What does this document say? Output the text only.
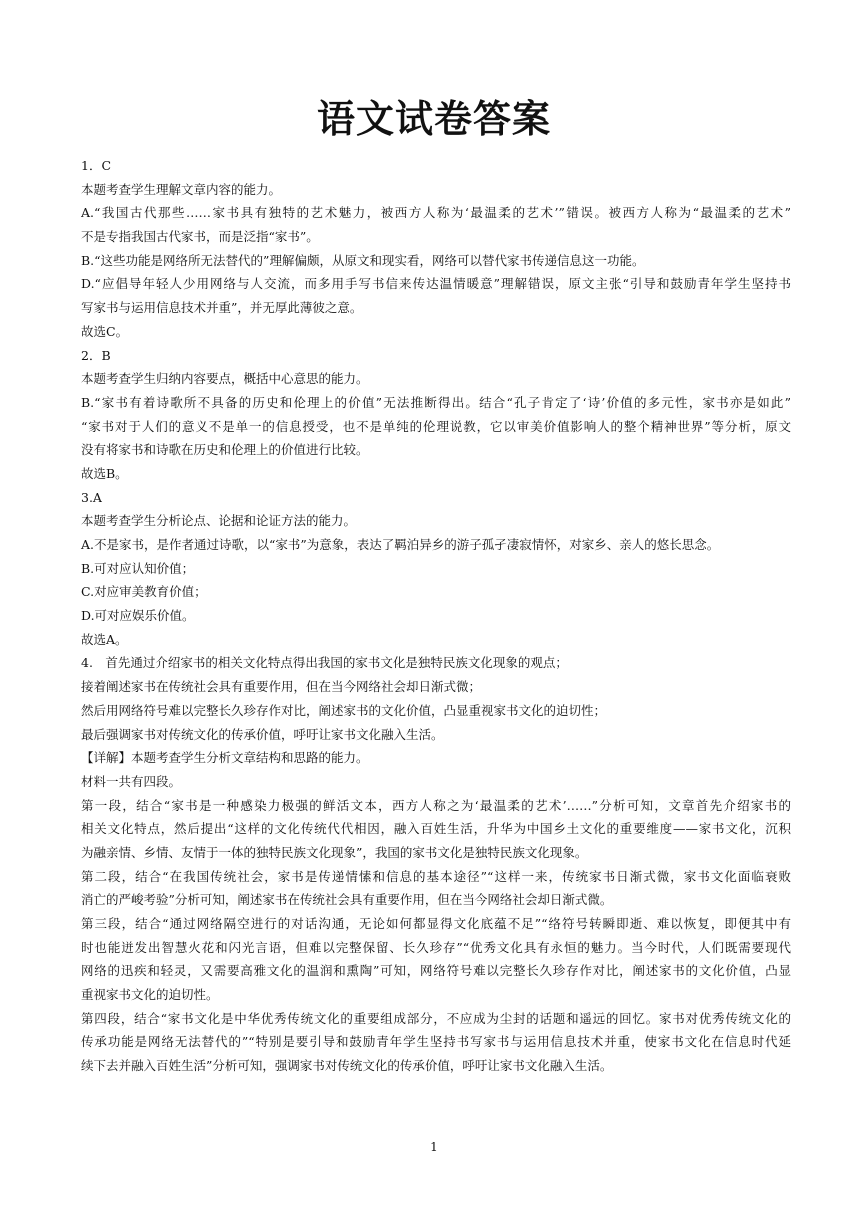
语文试卷答案
1．C
本题考查学生理解文章内容的能力。
A.“我国古代那些……家书具有独特的艺术魅力，被西方人称为‘最温柔的艺术’”错误。被西方人称为“最温柔的艺术”
不是专指我国古代家书，而是泛指“家书”。
B.“这些功能是网络所无法替代的”理解偏颇，从原文和现实看，网络可以替代家书传递信息这一功能。
D.“应倡导年轻人少用网络与人交流，而多用手写书信来传达温情暖意”理解错误，原文主张“引导和鼓励青年学生坚持书
写家书与运用信息技术并重”，并无厚此薄彼之意。
故选C。
2．B
本题考查学生归纳内容要点，概括中心意思的能力。
B.“家书有着诗歌所不具备的历史和伦理上的价值”无法推断得出。结合“孔子肯定了‘诗’价值的多元性，家书亦是如此”
“家书对于人们的意义不是单一的信息授受，也不是单纯的伦理说教，它以审美价值影响人的整个精神世界”等分析，原文
没有将家书和诗歌在历史和伦理上的价值进行比较。
故选B。
3.A
本题考查学生分析论点、论据和论证方法的能力。
A.不是家书，是作者通过诗歌，以“家书”为意象，表达了羁泊异乡的游子孤孑凄寂情怀，对家乡、亲人的悠长思念。
B.可对应认知价值；
C.对应审美教育价值；
D.可对应娱乐价值。
故选A。
4.　首先通过介绍家书的相关文化特点得出我国的家书文化是独特民族文化现象的观点；
接着阐述家书在传统社会具有重要作用，但在当今网络社会却日渐式微；
然后用网络符号难以完整长久珍存作对比，阐述家书的文化价值，凸显重视家书文化的迫切性；
最后强调家书对传统文化的传承价值，呼吁让家书文化融入生活。
【详解】本题考查学生分析文章结构和思路的能力。
材料一共有四段。
第一段，结合“家书是一种感染力极强的鲜活文本，西方人称之为‘最温柔的艺术’……”分析可知，文章首先介绍家书的
相关文化特点，然后提出“这样的文化传统代代相因，融入百姓生活，升华为中国乡土文化的重要维度——家书文化，沉积
为融亲情、乡情、友情于一体的独特民族文化现象”，我国的家书文化是独特民族文化现象。
第二段，结合“在我国传统社会，家书是传递情愫和信息的基本途径”“这样一来，传统家书日渐式微，家书文化面临衰败
消亡的严峻考验”分析可知，阐述家书在传统社会具有重要作用，但在当今网络社会却日渐式微。
第三段，结合“通过网络隔空进行的对话沟通，无论如何都显得文化底蕴不足”“络符号转瞬即逝、难以恢复，即便其中有
时也能迸发出智慧火花和闪光言语，但难以完整保留、长久珍存”“优秀文化具有永恒的魅力。当今时代，人们既需要现代
网络的迅疾和轻灵，又需要高雅文化的温润和熏陶”可知，网络符号难以完整长久珍存作对比，阐述家书的文化价值，凸显
重视家书文化的迫切性。
第四段，结合“家书文化是中华优秀传统文化的重要组成部分，不应成为尘封的话题和遥远的回忆。家书对优秀传统文化的
传承功能是网络无法替代的”“特别是要引导和鼓励青年学生坚持书写家书与运用信息技术并重，使家书文化在信息时代延
续下去并融入百姓生活”分析可知，强调家书对传统文化的传承价值，呼吁让家书文化融入生活。
1
